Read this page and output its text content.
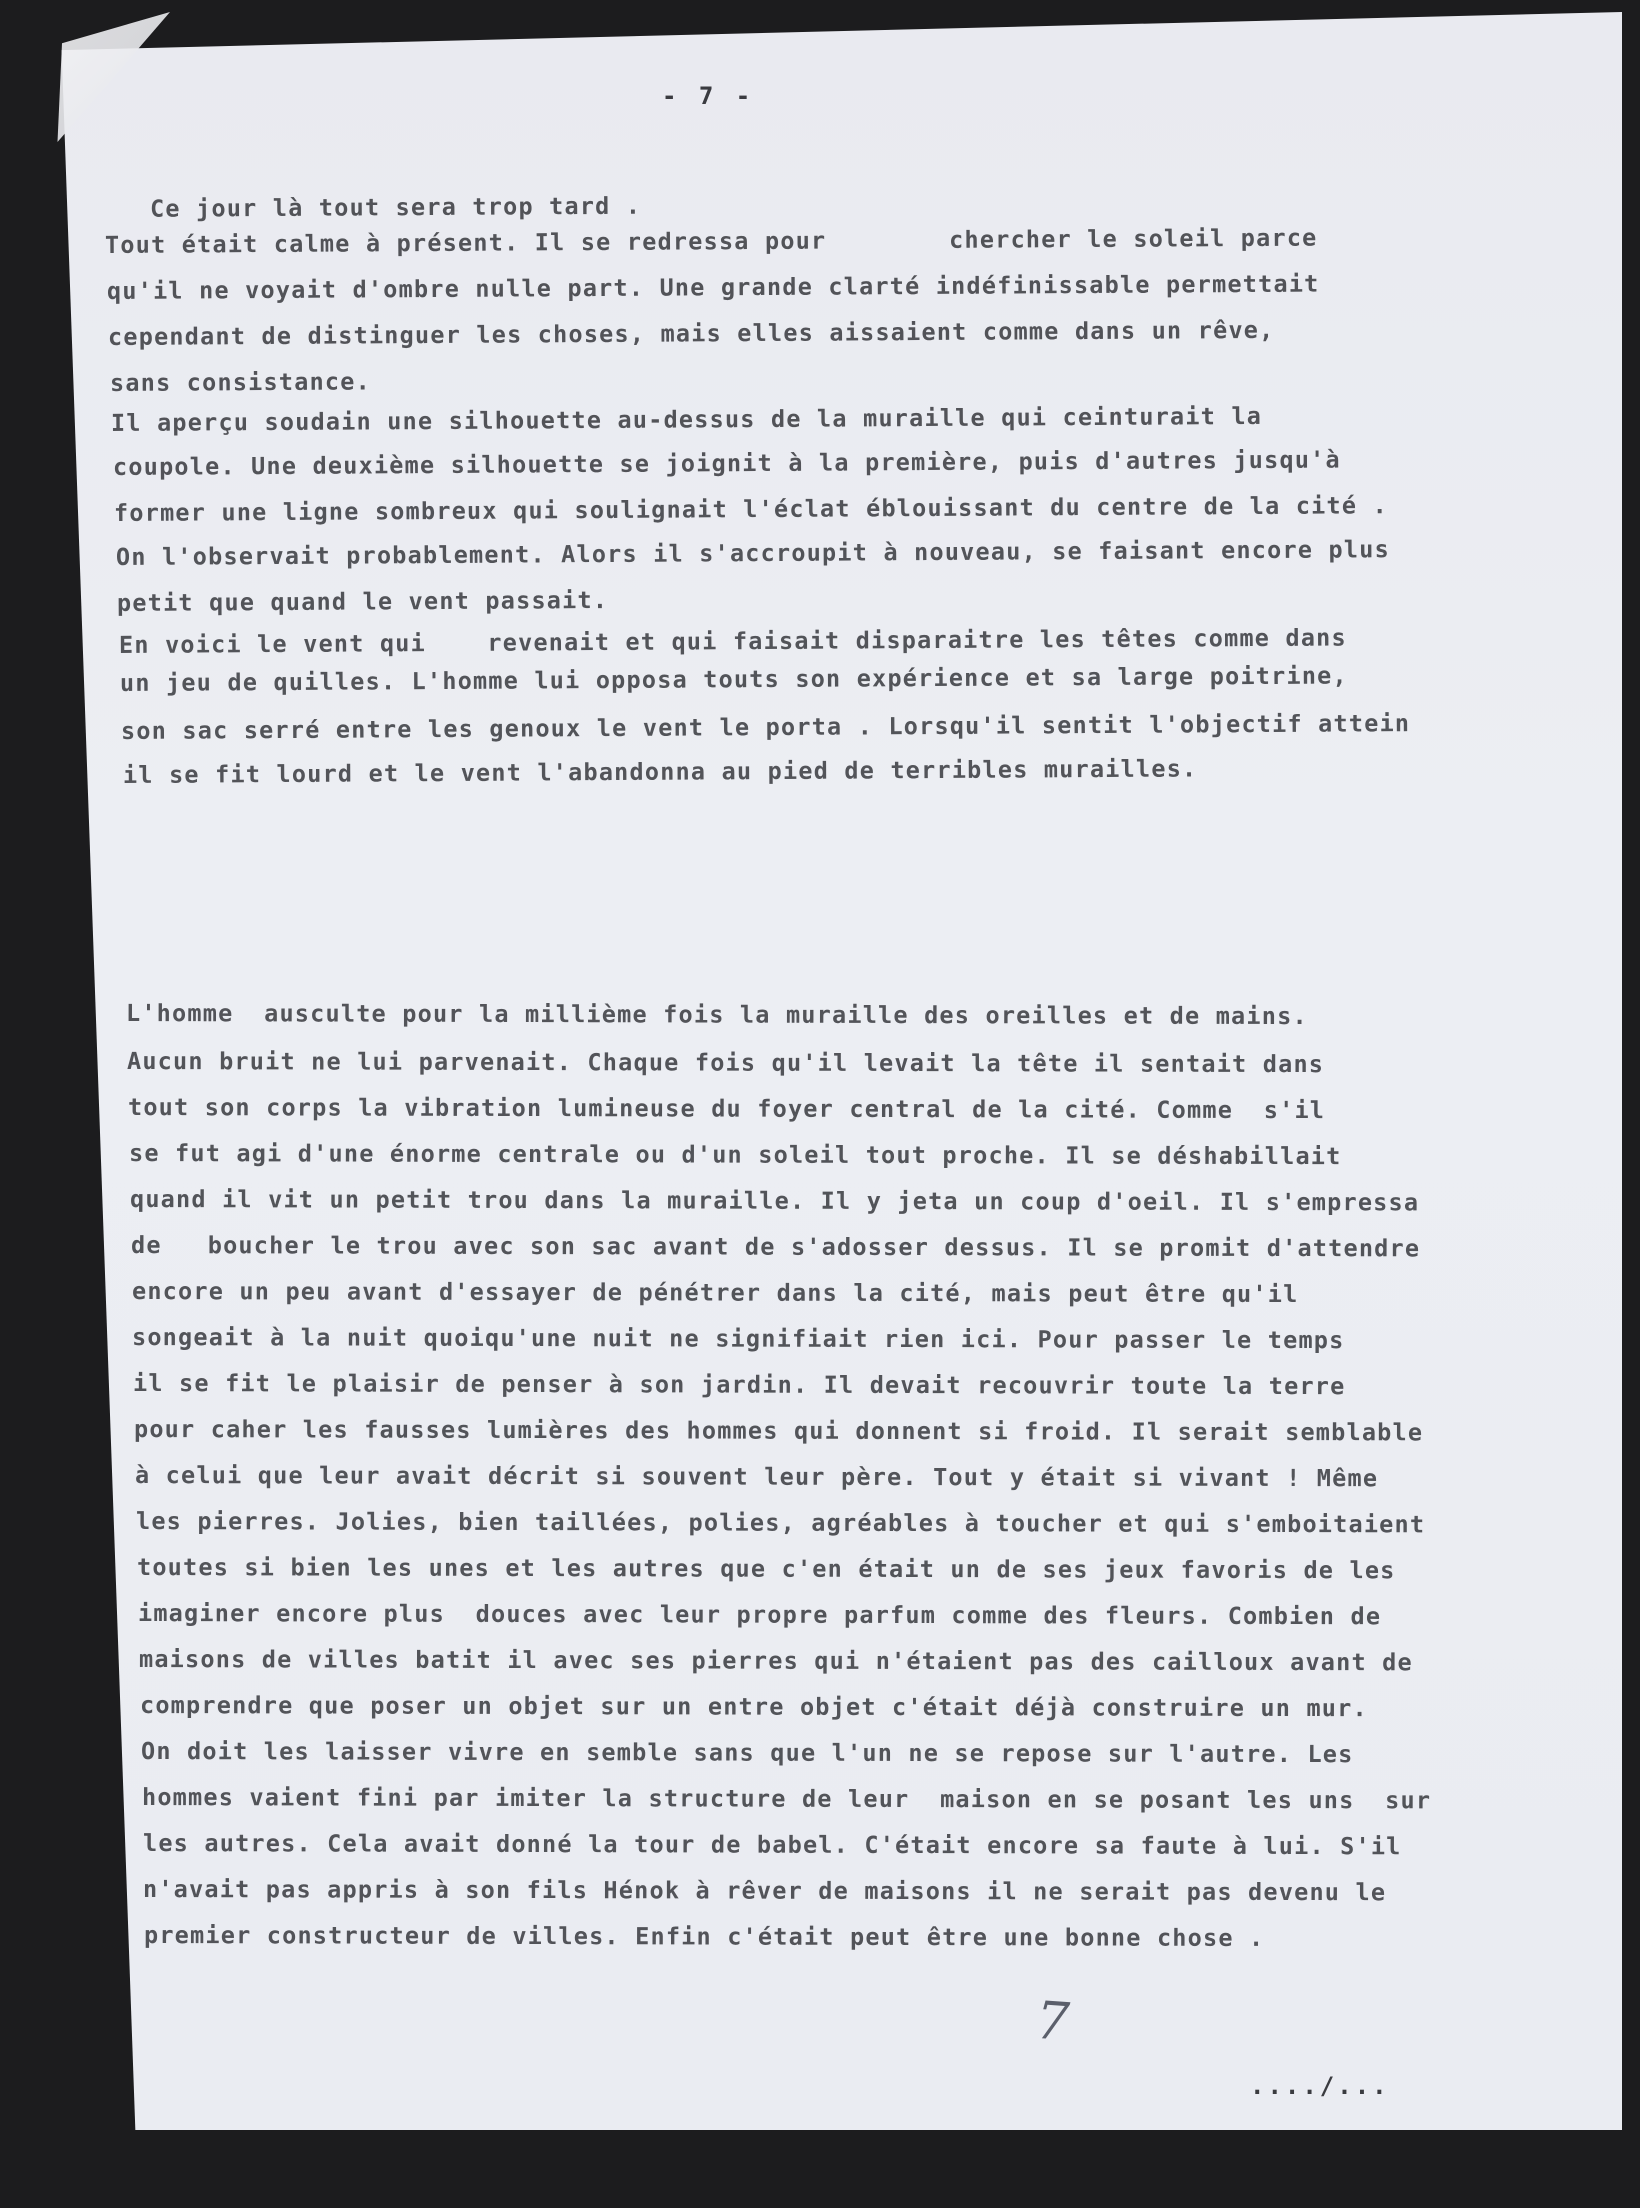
- 7 -
Ce jour là tout sera trop tard .
Tout était calme à présent. Il se redressa pour        chercher le soleil parce
qu'il ne voyait d'ombre nulle part. Une grande clarté indéfinissable permettait
cependant de distinguer les choses, mais elles aissaient comme dans un rêve,
sans consistance.
Il aperçu soudain une silhouette au-dessus de la muraille qui ceinturait la
coupole. Une deuxième silhouette se joignit à la première, puis d'autres jusqu'à
former une ligne sombreux qui soulignait l'éclat éblouissant du centre de la cité .
On l'observait probablement. Alors il s'accroupit à nouveau, se faisant encore plus
petit que quand le vent passait.
En voici le vent qui    revenait et qui faisait disparaitre les têtes comme dans
un jeu de quilles. L'homme lui opposa touts son expérience et sa large poitrine,
son sac serré entre les genoux le vent le porta . Lorsqu'il sentit l'objectif attein
il se fit lourd et le vent l'abandonna au pied de terribles murailles.
L'homme  ausculte pour la millième fois la muraille des oreilles et de mains.
Aucun bruit ne lui parvenait. Chaque fois qu'il levait la tête il sentait dans
tout son corps la vibration lumineuse du foyer central de la cité. Comme  s'il
se fut agi d'une énorme centrale ou d'un soleil tout proche. Il se déshabillait
quand il vit un petit trou dans la muraille. Il y jeta un coup d'oeil. Il s'empressa
de   boucher le trou avec son sac avant de s'adosser dessus. Il se promit d'attendre
encore un peu avant d'essayer de pénétrer dans la cité, mais peut être qu'il
songeait à la nuit quoiqu'une nuit ne signifiait rien ici. Pour passer le temps
il se fit le plaisir de penser à son jardin. Il devait recouvrir toute la terre
pour caher les fausses lumières des hommes qui donnent si froid. Il serait semblable
à celui que leur avait décrit si souvent leur père. Tout y était si vivant ! Même
les pierres. Jolies, bien taillées, polies, agréables à toucher et qui s'emboitaient
toutes si bien les unes et les autres que c'en était un de ses jeux favoris de les
imaginer encore plus  douces avec leur propre parfum comme des fleurs. Combien de
maisons de villes batit il avec ses pierres qui n'étaient pas des cailloux avant de
comprendre que poser un objet sur un entre objet c'était déjà construire un mur.
On doit les laisser vivre en semble sans que l'un ne se repose sur l'autre. Les
hommes vaient fini par imiter la structure de leur  maison en se posant les uns  sur
les autres. Cela avait donné la tour de babel. C'était encore sa faute à lui. S'il
n'avait pas appris à son fils Hénok à rêver de maisons il ne serait pas devenu le
premier constructeur de villes. Enfin c'était peut être une bonne chose .
7
..../...
